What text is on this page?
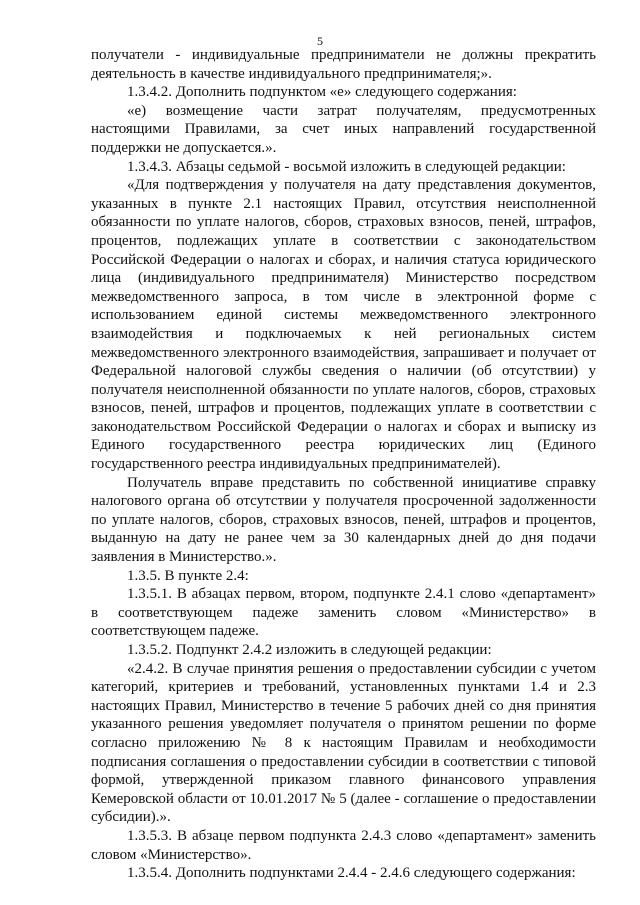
5

получатели - индивидуальные предприниматели не должны прекратить деятельность в качестве индивидуального предпринимателя;».

1.3.4.2. Дополнить подпунктом «е» следующего содержания:

«е) возмещение части затрат получателям, предусмотренных настоящими Правилами, за счет иных направлений государственной поддержки не допускается.».

1.3.4.3. Абзацы седьмой - восьмой изложить в следующей редакции:

«Для подтверждения у получателя на дату представления документов, указанных в пункте 2.1 настоящих Правил, отсутствия неисполненной обязанности по уплате налогов, сборов, страховых взносов, пеней, штрафов, процентов, подлежащих уплате в соответствии с законодательством Российской Федерации о налогах и сборах, и наличия статуса юридического лица (индивидуального предпринимателя) Министерство посредством межведомственного запроса, в том числе в электронной форме с использованием единой системы межведомственного электронного взаимодействия и подключаемых к ней региональных систем межведомственного электронного взаимодействия, запрашивает и получает от Федеральной налоговой службы сведения о наличии (об отсутствии) у получателя неисполненной обязанности по уплате налогов, сборов, страховых взносов, пеней, штрафов и процентов, подлежащих уплате в соответствии с законодательством Российской Федерации о налогах и сборах и выписку из Единого государственного реестра юридических лиц (Единого государственного реестра индивидуальных предпринимателей).

Получатель вправе представить по собственной инициативе справку налогового органа об отсутствии у получателя просроченной задолженности по уплате налогов, сборов, страховых взносов, пеней, штрафов и процентов, выданную на дату не ранее чем за 30 календарных дней до дня подачи заявления в Министерство.».

1.3.5. В пункте 2.4:

1.3.5.1. В абзацах первом, втором, подпункте 2.4.1 слово «департамент» в соответствующем падеже заменить словом «Министерство» в соответствующем падеже.

1.3.5.2. Подпункт 2.4.2 изложить в следующей редакции:

«2.4.2. В случае принятия решения о предоставлении субсидии с учетом категорий, критериев и требований, установленных пунктами 1.4 и 2.3 настоящих Правил, Министерство в течение 5 рабочих дней со дня принятия указанного решения уведомляет получателя о принятом решении по форме согласно приложению № 8 к настоящим Правилам и необходимости подписания соглашения о предоставлении субсидии в соответствии с типовой формой, утвержденной приказом главного финансового управления Кемеровской области от 10.01.2017 № 5 (далее - соглашение о предоставлении субсидии).».

1.3.5.3. В абзаце первом подпункта 2.4.3 слово «департамент» заменить словом «Министерство».

1.3.5.4. Дополнить подпунктами 2.4.4 - 2.4.6 следующего содержания:
